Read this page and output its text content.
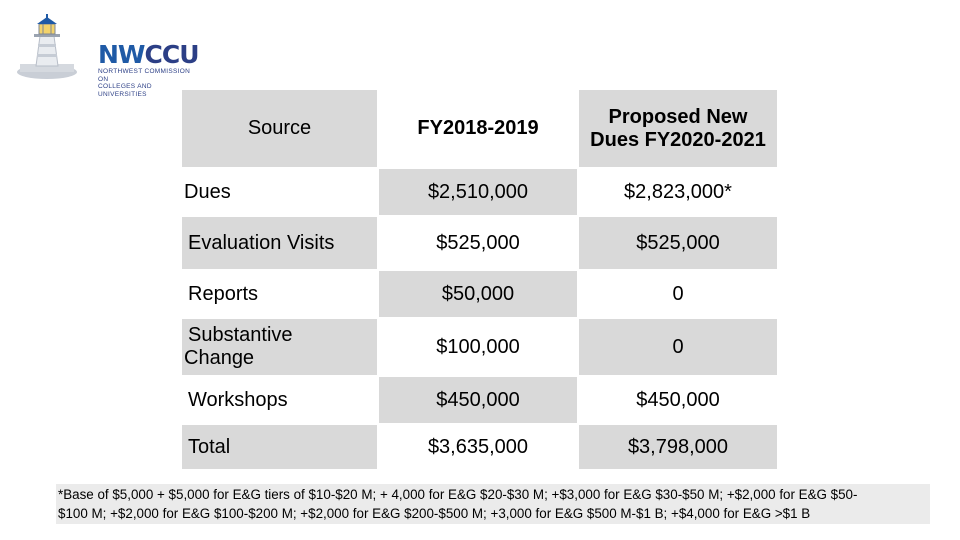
NWCCU
NORTHWEST COMMISSION ON
COLLEGES AND UNIVERSITIES
Source	FY2018-2019	Proposed New
Dues FY2020-2021

Dues	$2,510,000	$2,823,000*
Evaluation Visits	$525,000	$525,000
Reports	$50,000	0

Substantive
Change	$100,000	0
Workshops	$450,000	$450,000
Total	$3,635,000	$3,798,000
*Base of $5,000 + $5,000 for E&G tiers of $10-$20 M; + 4,000 for E&G $20-$30 M; +$3,000 for E&G $30-$50 M; +$2,000 for E&G $50-
$100 M; +$2,000 for E&G $100-$200 M; +$2,000 for E&G $200-$500 M; +3,000 for E&G $500 M-$1 B; +$4,000 for E&G >$1 B
